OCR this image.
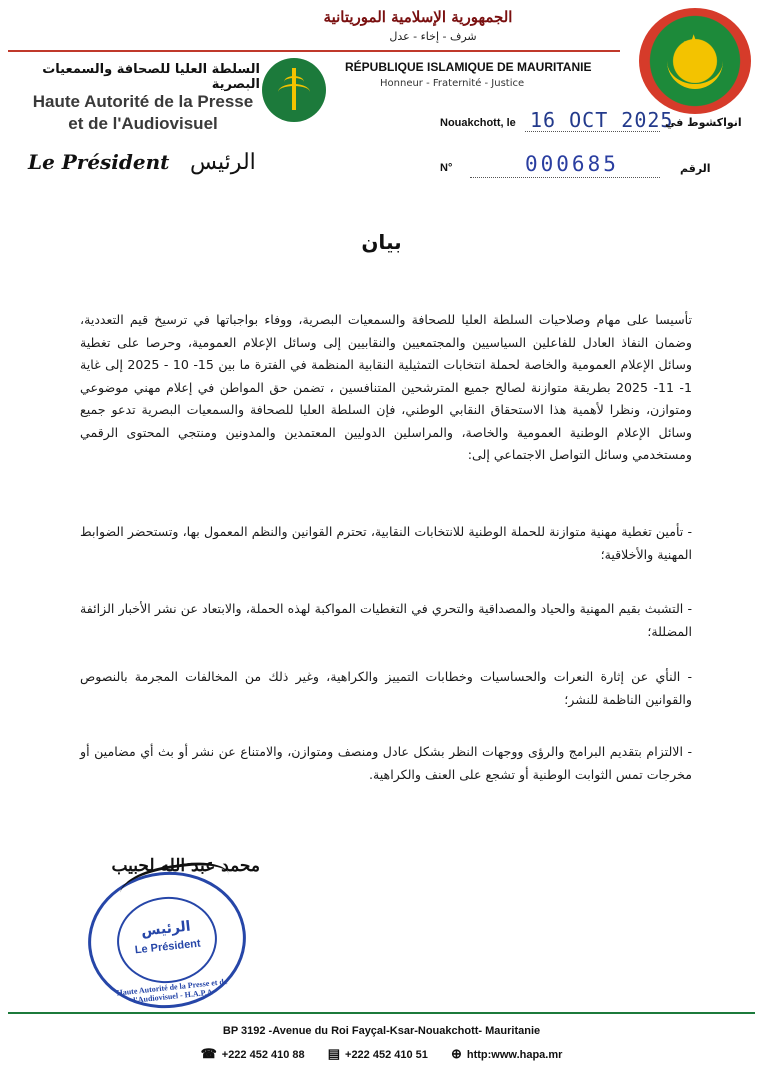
الجمهورية الإسلامية الموريتانية
شرف - إخاء - عدل	★
RÉPUBLIQUE ISLAMIQUE DE MAURITANIE
Honneur - Fraternité - Justice
السلطة العليا للصحافة والسمعيات البصرية
Haute Autorité de la Presse
et de l'Audiovisuel
Le Président الرئيس
Nouakchott, le 16 OCT 2025
انواكشوط في
N°	000685	الرقم
بيان
تأسيسا على مهام وصلاحيات السلطة العليا للصحافة والسمعيات البصرية، ووفاء بواجباتها في ترسيخ قيم التعددية، وضمان النفاذ العادل للفاعلين السياسيين والمجتمعيين والنقابيين إلى وسائل الإعلام العمومية، وحرصا على تغطية وسائل الإعلام العمومية والخاصة لحملة انتخابات التمثيلية النقابية المنظمة في الفترة ما بين 15- 10 - 2025 إلى غاية 1- 11- 2025 بطريقة متوازنة لصالح جميع المترشحين المتنافسين ، تضمن حق المواطن في إعلام مهني موضوعي ومتوازن، ونظرا لأهمية هذا الاستحقاق النقابي الوطني، فإن السلطة العليا للصحافة والسمعيات البصرية تدعو جميع وسائل الإعلام الوطنية العمومية والخاصة، والمراسلين الدوليين المعتمدين والمدونين ومنتجي المحتوى الرقمي ومستخدمي وسائل التواصل الاجتماعي إلى:
- تأمين تغطية مهنية متوازنة للحملة الوطنية للانتخابات النقابية، تحترم القوانين والنظم المعمول بها، وتستحضر الضوابط المهنية والأخلاقية؛
- التشبث بقيم المهنية والحياد والمصداقية والتحري في التغطيات المواكبة لهذه الحملة، والابتعاد عن نشر الأخبار الزائفة المضللة؛
- النأي عن إثارة النعرات والحساسيات وخطابات التمييز والكراهية، وغير ذلك من المخالفات المجرمة بالنصوص والقوانين الناظمة للنشر؛
- الالتزام بتقديم البرامج والرؤى ووجهات النظر بشكل عادل ومنصف ومتوازن، والامتناع عن نشر أو بث أي مضامين أو مخرجات تمس الثوابت الوطنية أو تشجع على العنف والكراهية.
محمد عبد الله لحبيب
الرئيس
Le Président
Haute Autorité de la Presse et de l'Audiovisuel - H.A.P.A
BP 3192 -Avenue du Roi Fayçal-Ksar-Nouakchott- Mauritanie
☎ +222 452 410 88 ▤ +222 452 410 51 ⊕ http:www.hapa.mr
